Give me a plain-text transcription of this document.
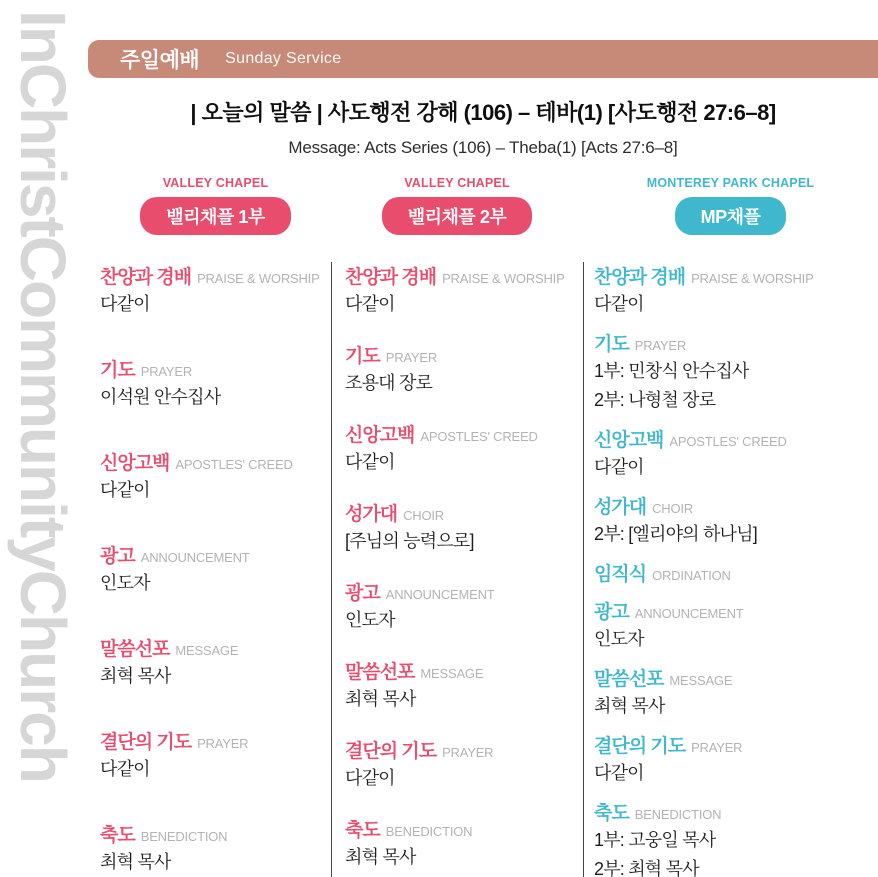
InChristCommunityChurch 주일예배 Sunday Service
| 오늘의 말씀 | 사도행전 강해 (106) – 테바(1) [사도행전 27:6–8]
Message: Acts Series (106) – Theba(1) [Acts 27:6–8]
VALLEY CHAPEL
밸리채플 1부
찬양과 경배 PRAISE & WORSHIP
다같이
기도 PRAYER
이석원 안수집사
신앙고백 APOSTLES' CREED
다같이
광고 ANNOUNCEMENT
인도자
말씀선포 MESSAGE
최혁 목사
결단의 기도 PRAYER
다같이
축도 BENEDICTION
최혁 목사
VALLEY CHAPEL
밸리채플 2부
찬양과 경배 PRAISE & WORSHIP
다같이
기도 PRAYER
조용대 장로
신앙고백 APOSTLES' CREED
다같이
성가대 CHOIR
[주님의 능력으로]
광고 ANNOUNCEMENT
인도자
말씀선포 MESSAGE
최혁 목사
결단의 기도 PRAYER
다같이
축도 BENEDICTION
최혁 목사
MONTEREY PARK CHAPEL
MP채플
찬양과 경배 PRAISE & WORSHIP
다같이
기도 PRAYER
1부: 민창식 안수집사
2부: 나형철 장로
신앙고백 APOSTLES' CREED
다같이
성가대 CHOIR
2부: [엘리야의 하나님]
임직식 ORDINATION
광고 ANNOUNCEMENT
인도자
말씀선포 MESSAGE
최혁 목사
결단의 기도 PRAYER
다같이
축도 BENEDICTION
1부: 고웅일 목사
2부: 최혁 목사
